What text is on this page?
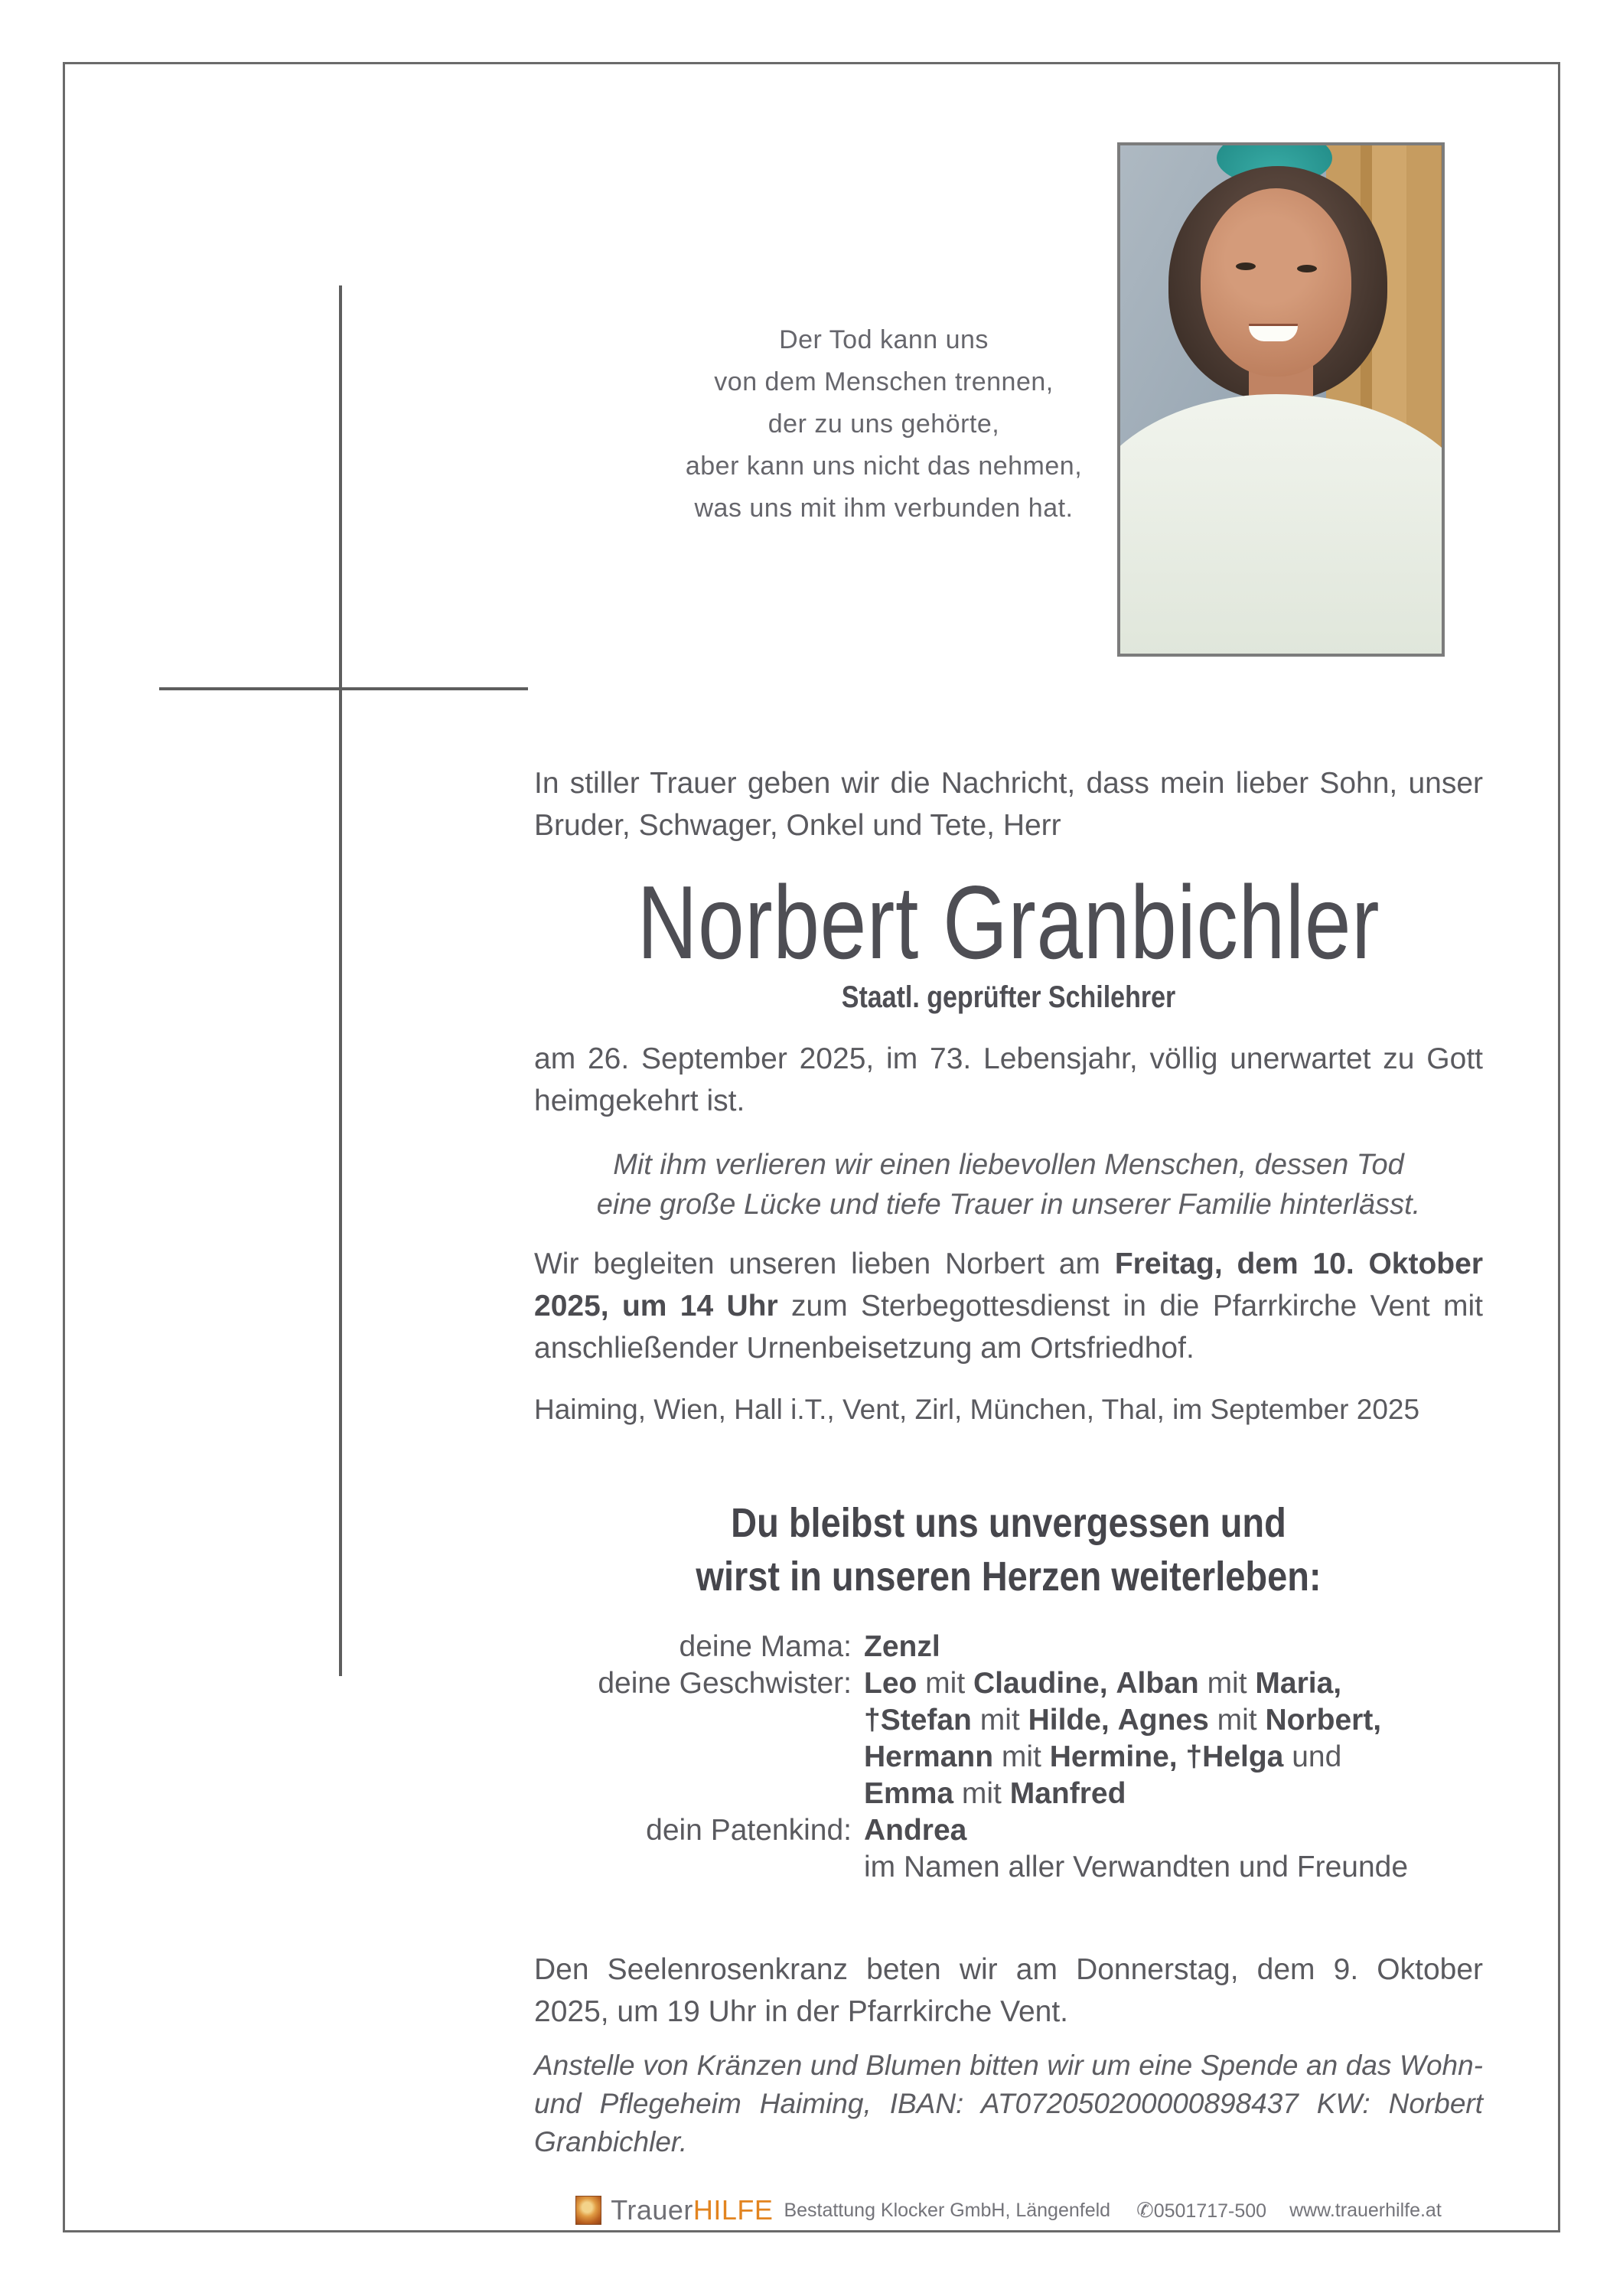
Der Tod kann uns
von dem Menschen trennen,
der zu uns gehörte,
aber kann uns nicht das nehmen,
was uns mit ihm verbunden hat.
In stiller Trauer geben wir die Nachricht, dass mein lieber Sohn, unser Bruder, Schwager, Onkel und Tete, Herr
Norbert Granbichler
Staatl. geprüfter Schilehrer
am 26. September 2025, im 73. Lebensjahr, völlig unerwartet zu Gott heimgekehrt ist.
Mit ihm verlieren wir einen liebevollen Menschen, dessen Tod
eine große Lücke und tiefe Trauer in unserer Familie hinterlässt.
Wir begleiten unseren lieben Norbert am Freitag, dem 10. Oktober 2025, um 14 Uhr zum Sterbegottesdienst in die Pfarrkirche Vent mit anschließender Urnenbeisetzung am Ortsfriedhof.
Haiming, Wien, Hall i.T., Vent, Zirl, München, Thal, im September 2025
Du bleibst uns unvergessen und
wirst in unseren Herzen weiterleben:
deine Mama: Zenzl
deine Geschwister: Leo mit Claudine, Alban mit Maria,
†Stefan mit Hilde, Agnes mit Norbert,
Hermann mit Hermine, †Helga und
Emma mit Manfred
dein Patenkind: Andrea
im Namen aller Verwandten und Freunde
Den Seelenrosenkranz beten wir am Donnerstag, dem 9. Oktober 2025, um 19 Uhr in der Pfarrkirche Vent.
Anstelle von Kränzen und Blumen bitten wir um eine Spende an das Wohn- und Pflegeheim Haiming, IBAN: AT072050200000898437 KW: Norbert Granbichler.
TrauerHILFE Bestattung Klocker GmbH, Längenfeld ✆0501717-500 www.trauerhilfe.at
